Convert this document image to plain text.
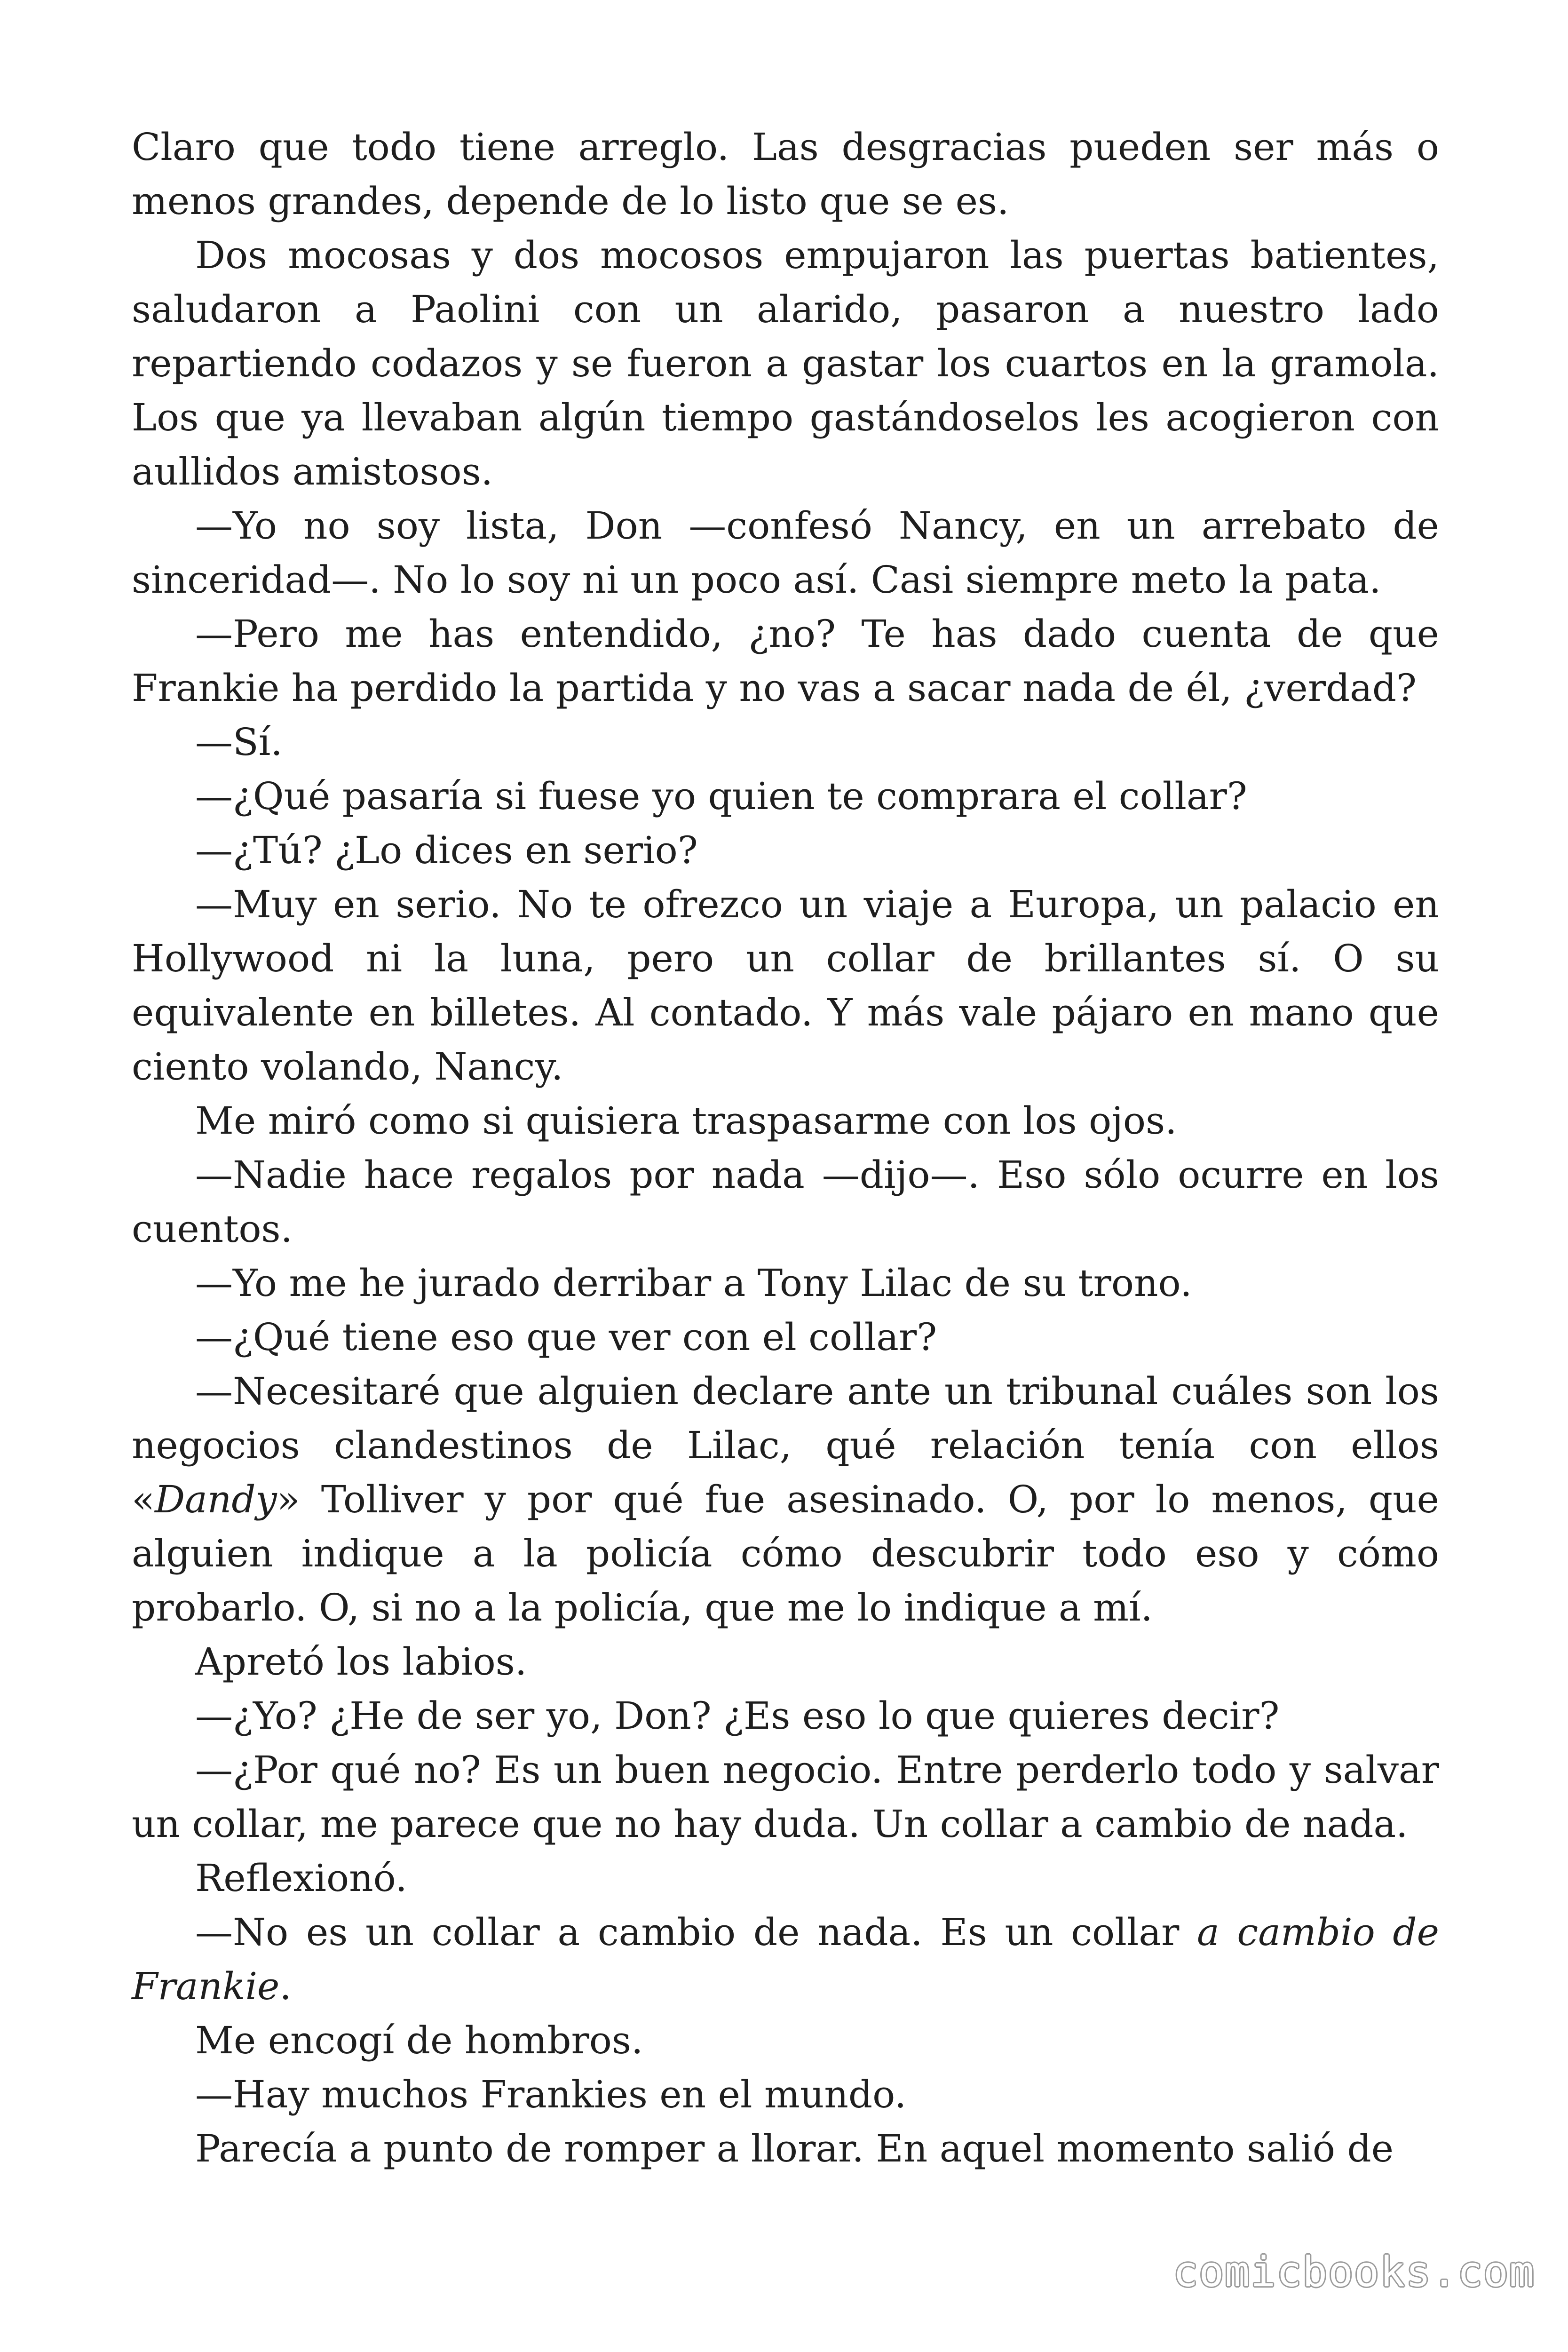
Claro que todo tiene arreglo. Las desgracias pueden ser más o menos grandes, depende de lo listo que se es.

Dos mocosas y dos mocosos empujaron las puertas batientes, saludaron a Paolini con un alarido, pasaron a nuestro lado repartiendo codazos y se fueron a gastar los cuartos en la gramola. Los que ya llevaban algún tiempo gastándoselos les acogieron con aullidos amistosos.

—Yo no soy lista, Don —confesó Nancy, en un arrebato de sinceridad—. No lo soy ni un poco así. Casi siempre meto la pata.

—Pero me has entendido, ¿no? Te has dado cuenta de que Frankie ha perdido la partida y no vas a sacar nada de él, ¿verdad?

—Sí.

—¿Qué pasaría si fuese yo quien te comprara el collar?

—¿Tú? ¿Lo dices en serio?

—Muy en serio. No te ofrezco un viaje a Europa, un palacio en Hollywood ni la luna, pero un collar de brillantes sí. O su equivalente en billetes. Al contado. Y más vale pájaro en mano que ciento volando, Nancy.

Me miró como si quisiera traspasarme con los ojos.

—Nadie hace regalos por nada —dijo—. Eso sólo ocurre en los cuentos.

—Yo me he jurado derribar a Tony Lilac de su trono.

—¿Qué tiene eso que ver con el collar?

—Necesitaré que alguien declare ante un tribunal cuáles son los negocios clandestinos de Lilac, qué relación tenía con ellos «Dandy» Tolliver y por qué fue asesinado. O, por lo menos, que alguien indique a la policía cómo descubrir todo eso y cómo probarlo. O, si no a la policía, que me lo indique a mí.

Apretó los labios.

—¿Yo? ¿He de ser yo, Don? ¿Es eso lo que quieres decir?

—¿Por qué no? Es un buen negocio. Entre perderlo todo y salvar un collar, me parece que no hay duda. Un collar a cambio de nada.

Reflexionó.

—No es un collar a cambio de nada. Es un collar a cambio de Frankie.

Me encogí de hombros.

—Hay muchos Frankies en el mundo.

Parecía a punto de romper a llorar. En aquel momento salió de

comicbooks.com
